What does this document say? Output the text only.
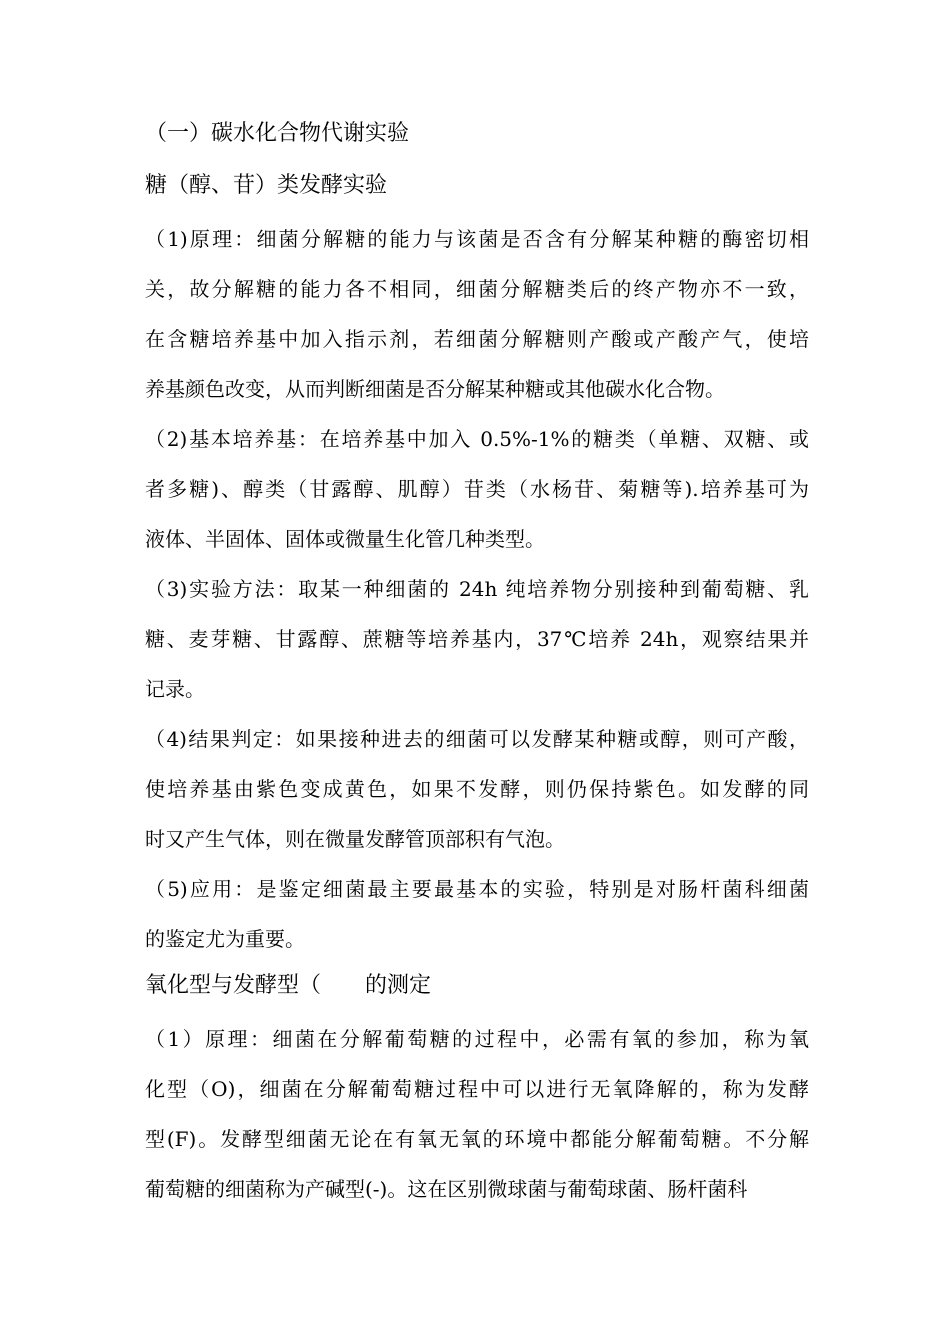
（一）碳水化合物代谢实验
糖（醇、苷）类发酵实验
（1)原理：细菌分解糖的能力与该菌是否含有分解某种糖的酶密切相
关，故分解糖的能力各不相同，细菌分解糖类后的终产物亦不一致，
在含糖培养基中加入指示剂，若细菌分解糖则产酸或产酸产气，使培
养基颜色改变，从而判断细菌是否分解某种糖或其他碳水化合物。
（2)基本培养基：在培养基中加入 0.5%-1%的糖类（单糖、双糖、或
者多糖)、醇类（甘露醇、肌醇）苷类（水杨苷、菊糖等).培养基可为
液体、半固体、固体或微量生化管几种类型。
（3)实验方法：取某一种细菌的 24h 纯培养物分别接种到葡萄糖、乳
糖、麦芽糖、甘露醇、蔗糖等培养基内，37℃培养 24h，观察结果并
记录。
（4)结果判定：如果接种进去的细菌可以发酵某种糖或醇，则可产酸，
使培养基由紫色变成黄色，如果不发酵，则仍保持紫色。如发酵的同
时又产生气体，则在微量发酵管顶部积有气泡。
（5)应用：是鉴定细菌最主要最基本的实验，特别是对肠杆菌科细菌
的鉴定尤为重要。
氧化型与发酵型（　　的测定
（1）原理：细菌在分解葡萄糖的过程中，必需有氧的参加，称为氧
化型（O)，细菌在分解葡萄糖过程中可以进行无氧降解的，称为发酵
型(F)。发酵型细菌无论在有氧无氧的环境中都能分解葡萄糖。不分解
葡萄糖的细菌称为产碱型(-)。这在区别微球菌与葡萄球菌、肠杆菌科
